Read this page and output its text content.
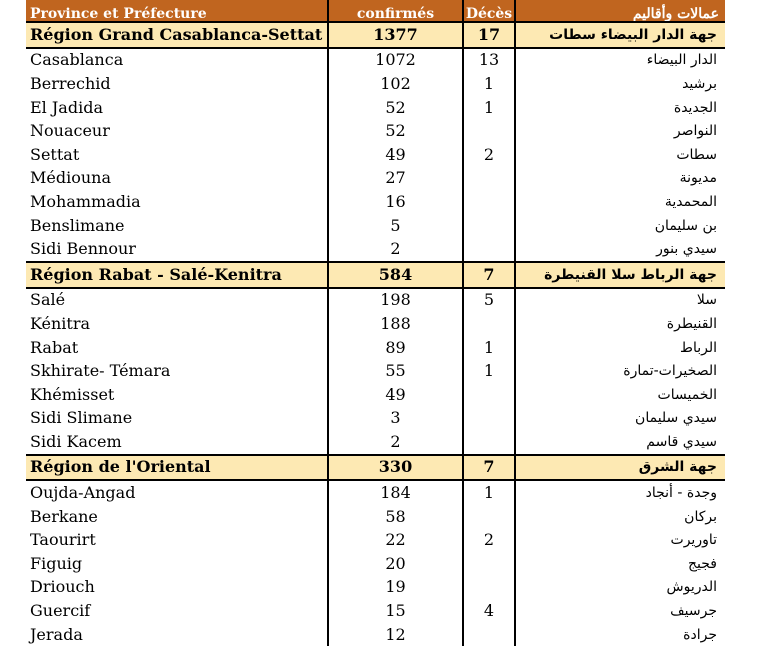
Province et Préfecture	confirmés	Décès	عمالات وأقاليم
Région Grand Casablanca-Settat	1377	17	جهة الدار البيضاء سطات
Casablanca	1072	13	الدار البيضاء
Berrechid	102	1	برشيد
El Jadida	52	1	الجديدة
Nouaceur	52		النواصر
Settat	49	2	سطات
Médiouna	27		مديونة
Mohammadia	16		المحمدية
Benslimane	5		بن سليمان
Sidi Bennour	2		سيدي بنور
Région Rabat - Salé-Kenitra	584	7	جهة الرباط سلا القنيطرة
Salé	198	5	سلا
Kénitra	188		القنيطرة
Rabat	89	1	الرباط
Skhirate- Témara	55	1	الصخيرات-تمارة
Khémisset	49		الخميسات
Sidi Slimane	3		سيدي سليمان
Sidi Kacem	2		سيدي قاسم
Région de l'Oriental	330	7	جهة الشرق
Oujda-Angad	184	1	وجدة - أنجاد
Berkane	58		بركان
Taourirt	22	2	تاوريرت
Figuig	20		فجيج
Driouch	19		الدريوش
Guercif	15	4	جرسيف
Jerada	12		جرادة
